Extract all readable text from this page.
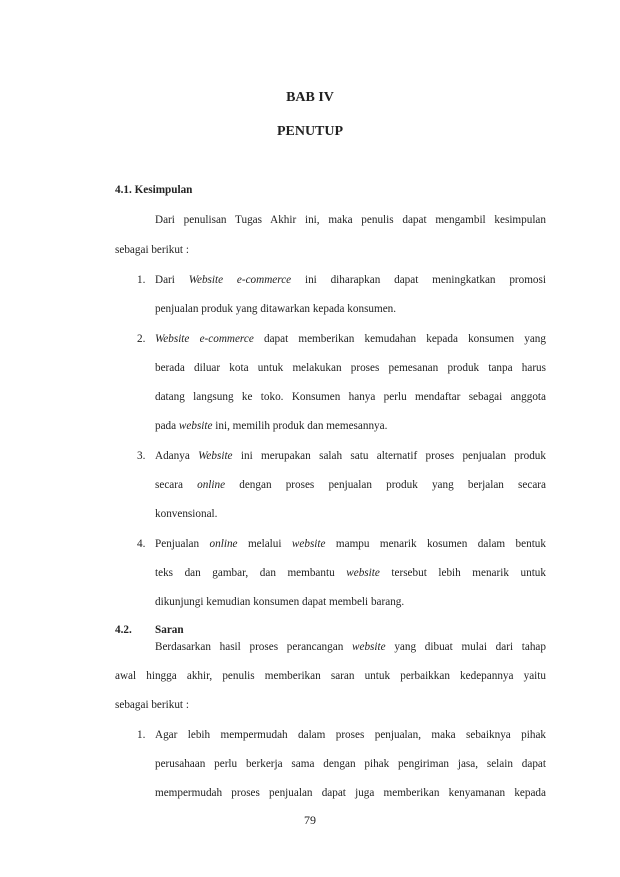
BAB IV
PENUTUP
4.1. Kesimpulan
Dari penulisan Tugas Akhir ini, maka penulis dapat mengambil kesimpulan
sebagai berikut :
1. Dari Website e-commerce ini diharapkan dapat meningkatkan promosi
penjualan produk yang ditawarkan kepada konsumen.
2. Website e-commerce dapat memberikan kemudahan kepada konsumen yang
berada diluar kota untuk melakukan proses pemesanan produk tanpa harus
datang langsung ke toko. Konsumen hanya perlu mendaftar sebagai anggota
pada website ini, memilih produk dan memesannya.
3. Adanya Website ini merupakan salah satu alternatif proses penjualan produk
secara online dengan proses penjualan produk yang berjalan secara
konvensional.
4. Penjualan online melalui website mampu menarik kosumen dalam bentuk
teks dan gambar, dan membantu website tersebut lebih menarik untuk
dikunjungi kemudian konsumen dapat membeli barang.
4.2. Saran
Berdasarkan hasil proses perancangan website yang dibuat mulai dari tahap
awal hingga akhir, penulis memberikan saran untuk perbaikkan kedepannya yaitu
sebagai berikut :
1. Agar lebih mempermudah dalam proses penjualan, maka sebaiknya pihak
perusahaan perlu berkerja sama dengan pihak pengiriman jasa, selain dapat
mempermudah proses penjualan dapat juga memberikan kenyamanan kepada
79
